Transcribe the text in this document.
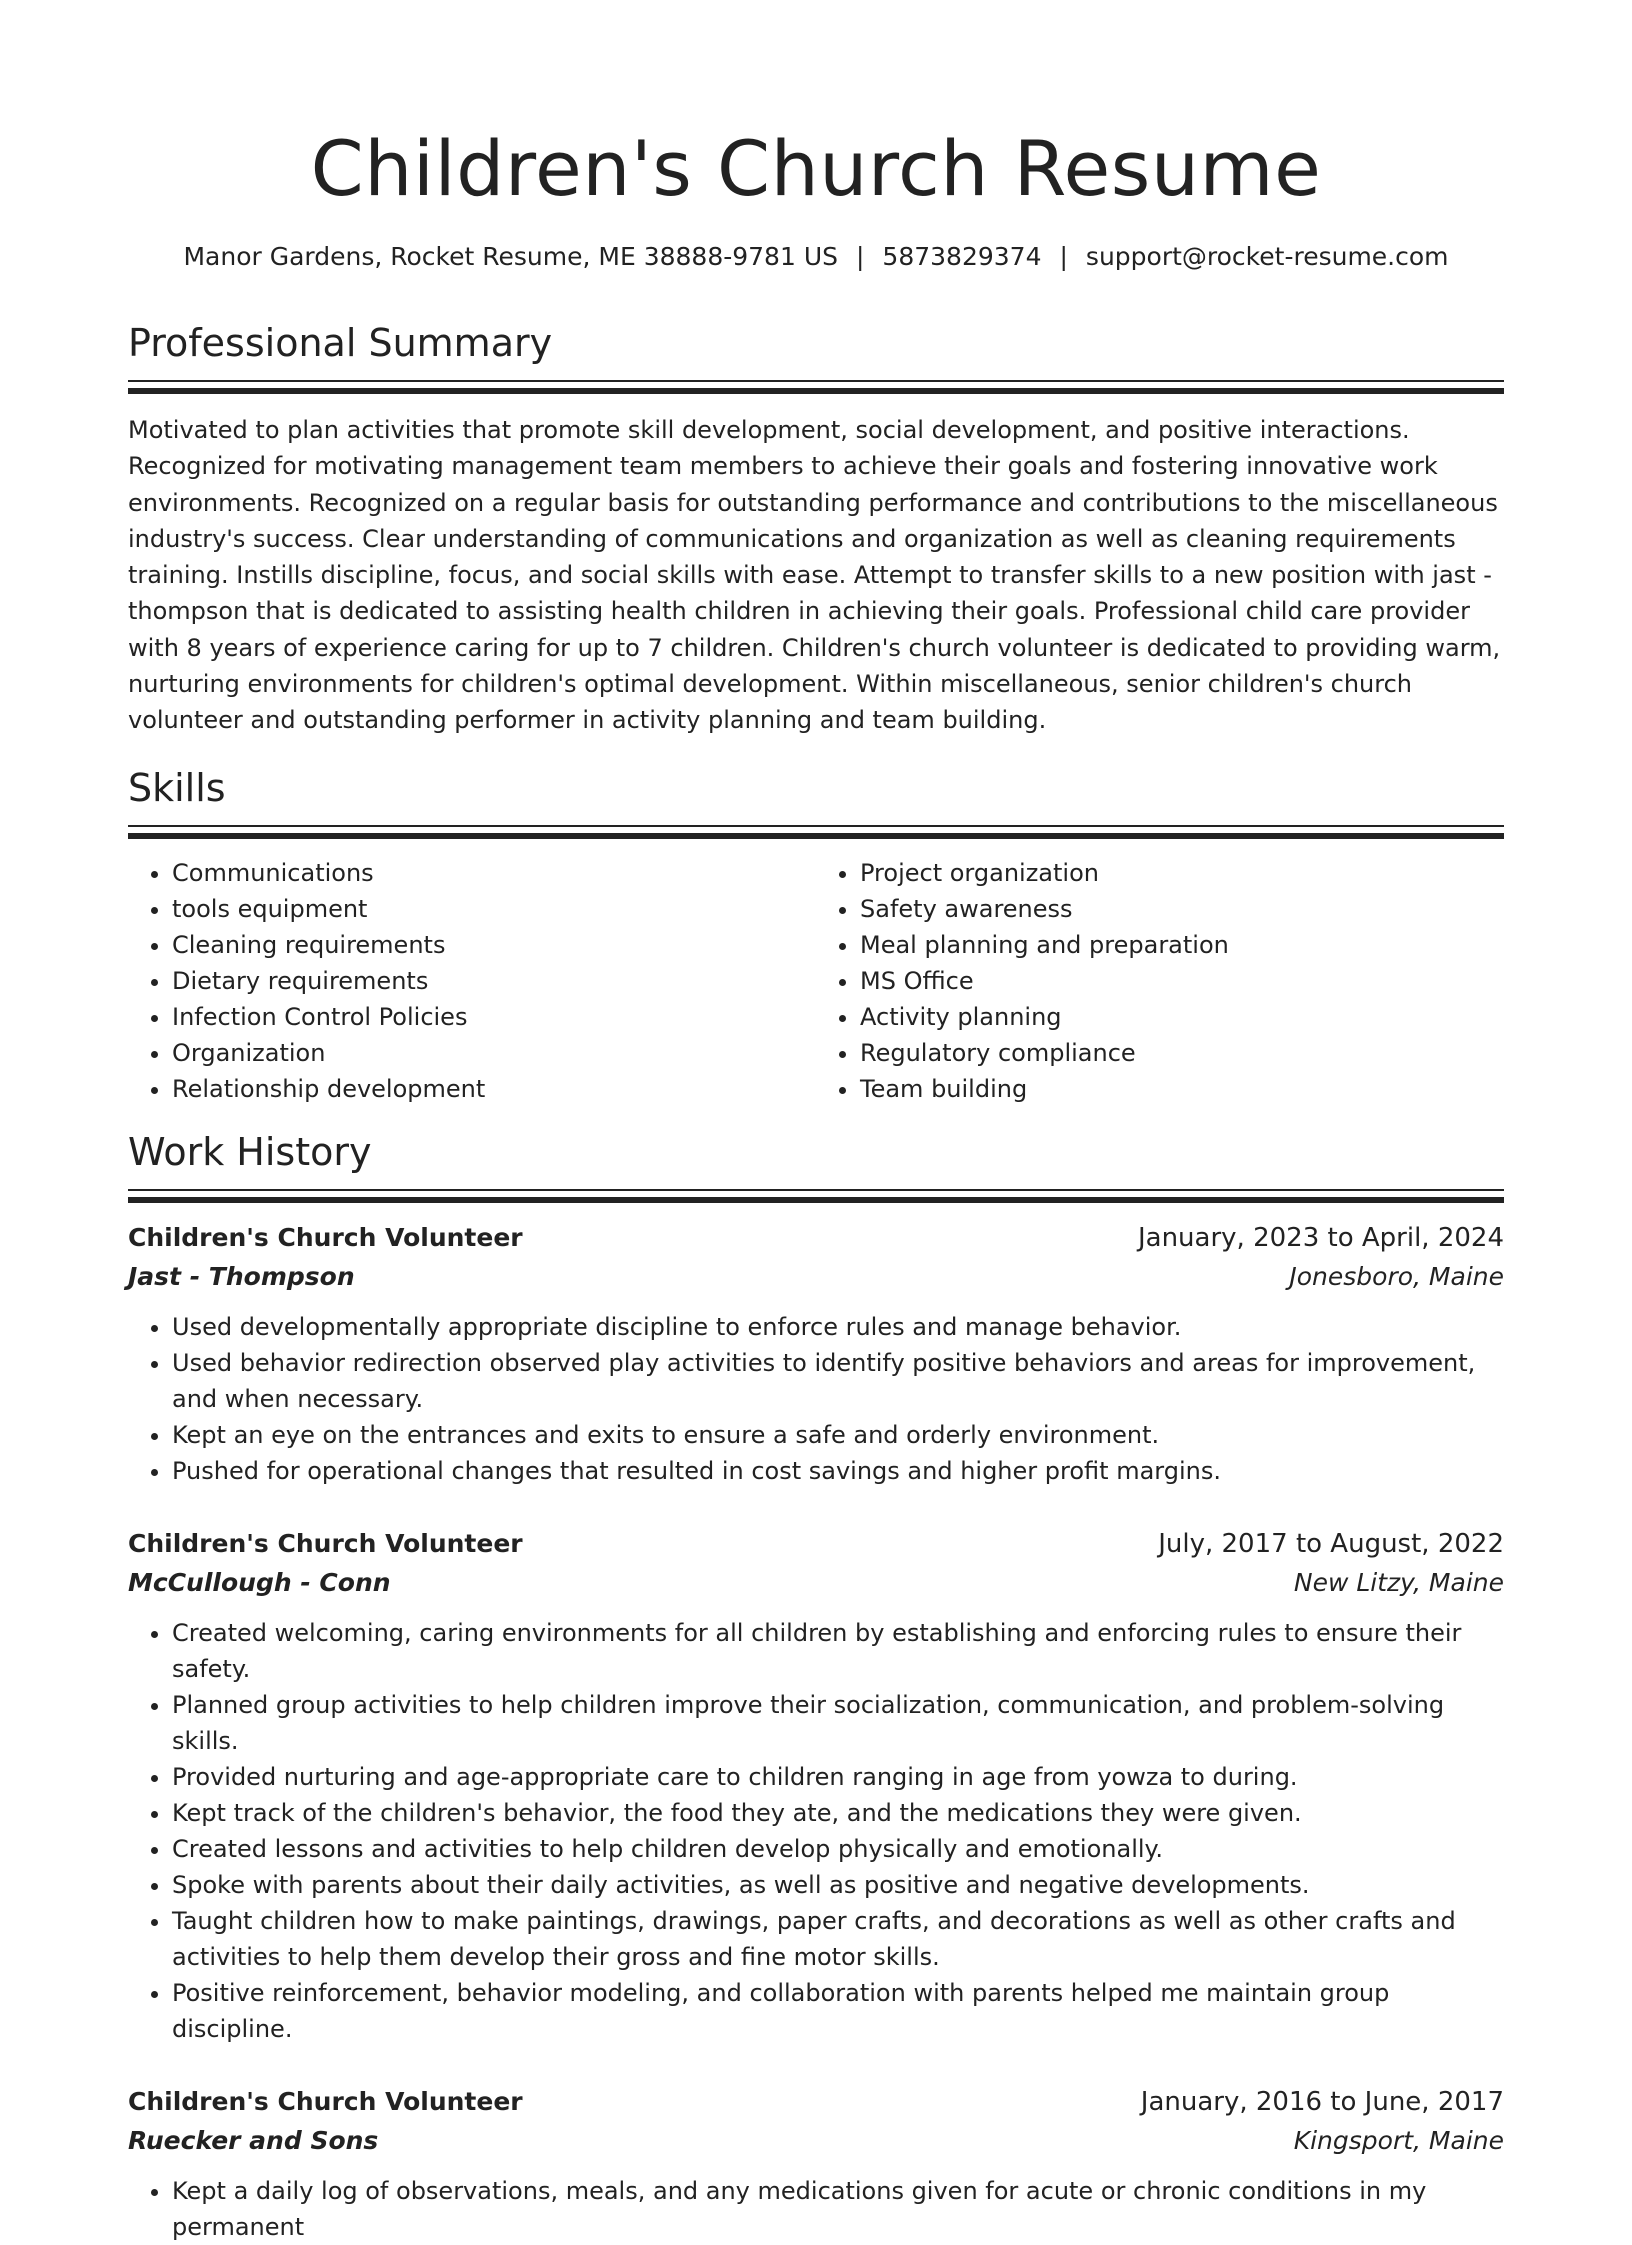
Children's Church Resume
Manor Gardens, Rocket Resume, ME 38888-9781 US | 5873829374 | support@rocket-resume.com
Professional Summary

Motivated to plan activities that promote skill development, social development, and positive interactions. Recognized for motivating management team members to achieve their goals and fostering innovative work environments. Recognized on a regular basis for outstanding performance and contributions to the miscellaneous industry's success. Clear understanding of communications and organization as well as cleaning requirements training. Instills discipline, focus, and social skills with ease. Attempt to transfer skills to a new position with jast - thompson that is dedicated to assisting health children in achieving their goals. Professional child care provider with 8 years of experience caring for up to 7 children. Children's church volunteer is dedicated to providing warm, nurturing environments for children's optimal development. Within miscellaneous, senior children's church volunteer and outstanding performer in activity planning and team building.

Skills
• Communications
• tools equipment
• Cleaning requirements
• Dietary requirements
• Infection Control Policies
• Organization
• Relationship development
• Project organization
• Safety awareness
• Meal planning and preparation
• MS Office
• Activity planning
• Regulatory compliance
• Team building
Work History
Children's Church Volunteer	January, 2023 to April, 2024
Jast - Thompson	Jonesboro, Maine
• Used developmentally appropriate discipline to enforce rules and manage behavior.
• Used behavior redirection observed play activities to identify positive behaviors and areas for improvement, and when necessary.
• Kept an eye on the entrances and exits to ensure a safe and orderly environment.
• Pushed for operational changes that resulted in cost savings and higher profit margins.
Children's Church Volunteer	July, 2017 to August, 2022
McCullough - Conn	New Litzy, Maine
• Created welcoming, caring environments for all children by establishing and enforcing rules to ensure their safety.
• Planned group activities to help children improve their socialization, communication, and problem-solving skills.
• Provided nurturing and age-appropriate care to children ranging in age from yowza to during.
• Kept track of the children's behavior, the food they ate, and the medications they were given.
• Created lessons and activities to help children develop physically and emotionally.
• Spoke with parents about their daily activities, as well as positive and negative developments.
• Taught children how to make paintings, drawings, paper crafts, and decorations as well as other crafts and activities to help them develop their gross and fine motor skills.
• Positive reinforcement, behavior modeling, and collaboration with parents helped me maintain group discipline.
Children's Church Volunteer	January, 2016 to June, 2017
Ruecker and Sons	Kingsport, Maine
• Kept a daily log of observations, meals, and any medications given for acute or chronic conditions in my permanent
